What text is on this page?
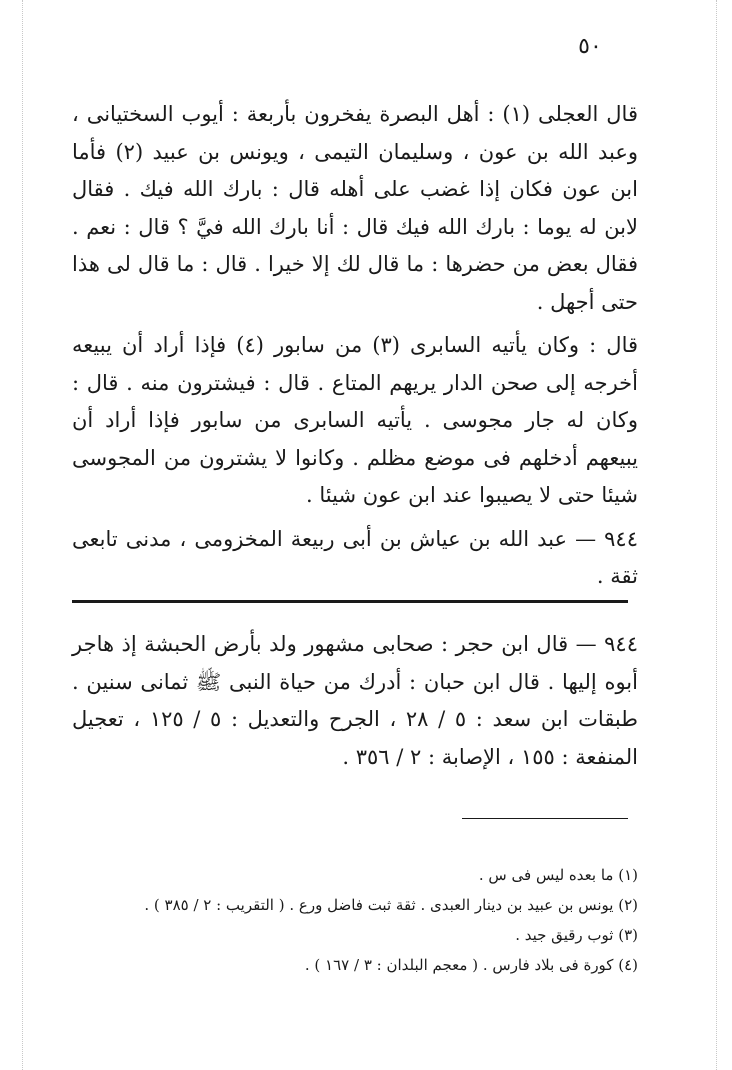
٥٠

قال العجلى (١) : أهل البصرة يفخرون بأربعة : أيوب السختيانى ، وعبد الله بن عون ، وسليمان التيمى ، ويونس بن عبيد (٢) فأما ابن عون فكان إذا غضب على أهله قال : بارك الله فيك . فقال لابن له يوما : بارك الله فيك قال : أنا بارك الله فيَّ ؟ قال : نعم . فقال بعض من حضرها : ما قال لك إلا خيرا . قال : ما قال لى هذا حتى أجهل .

قال : وكان يأتيه السابرى (٣) من سابور (٤) فإذا أراد أن يبيعه أخرجه إلى صحن الدار يريهم المتاع . قال : فيشترون منه . قال : وكان له جار مجوسى . يأتيه السابرى من سابور فإذا أراد أن يبيعهم أدخلهم فى موضع مظلم . وكانوا لا يشترون من المجوسى شيئا حتى لا يصيبوا عند ابن عون شيئا .

٩٤٤ — عبد الله بن عياش بن أبى ربيعة المخزومى ، مدنى تابعى ثقة .

٩٤٤ — قال ابن حجر : صحابى مشهور ولد بأرض الحبشة إذ هاجر أبوه إليها . قال ابن حبان : أدرك من حياة النبى ﷺ ثمانى سنين . طبقات ابن سعد : ٥ / ٢٨ ، الجرح والتعديل : ٥ / ١٢٥ ، تعجيل المنفعة : ١٥٥ ، الإصابة : ٢ / ٣٥٦ .

(١) ما بعده ليس فى س .

(٢) يونس بن عبيد بن دينار العبدى . ثقة ثبت فاضل ورع . ( التقريب : ٢ / ٣٨٥ ) .

(٣) ثوب رقيق جيد .

(٤) كورة فى بلاد فارس . ( معجم البلدان : ٣ / ١٦٧ ) .
